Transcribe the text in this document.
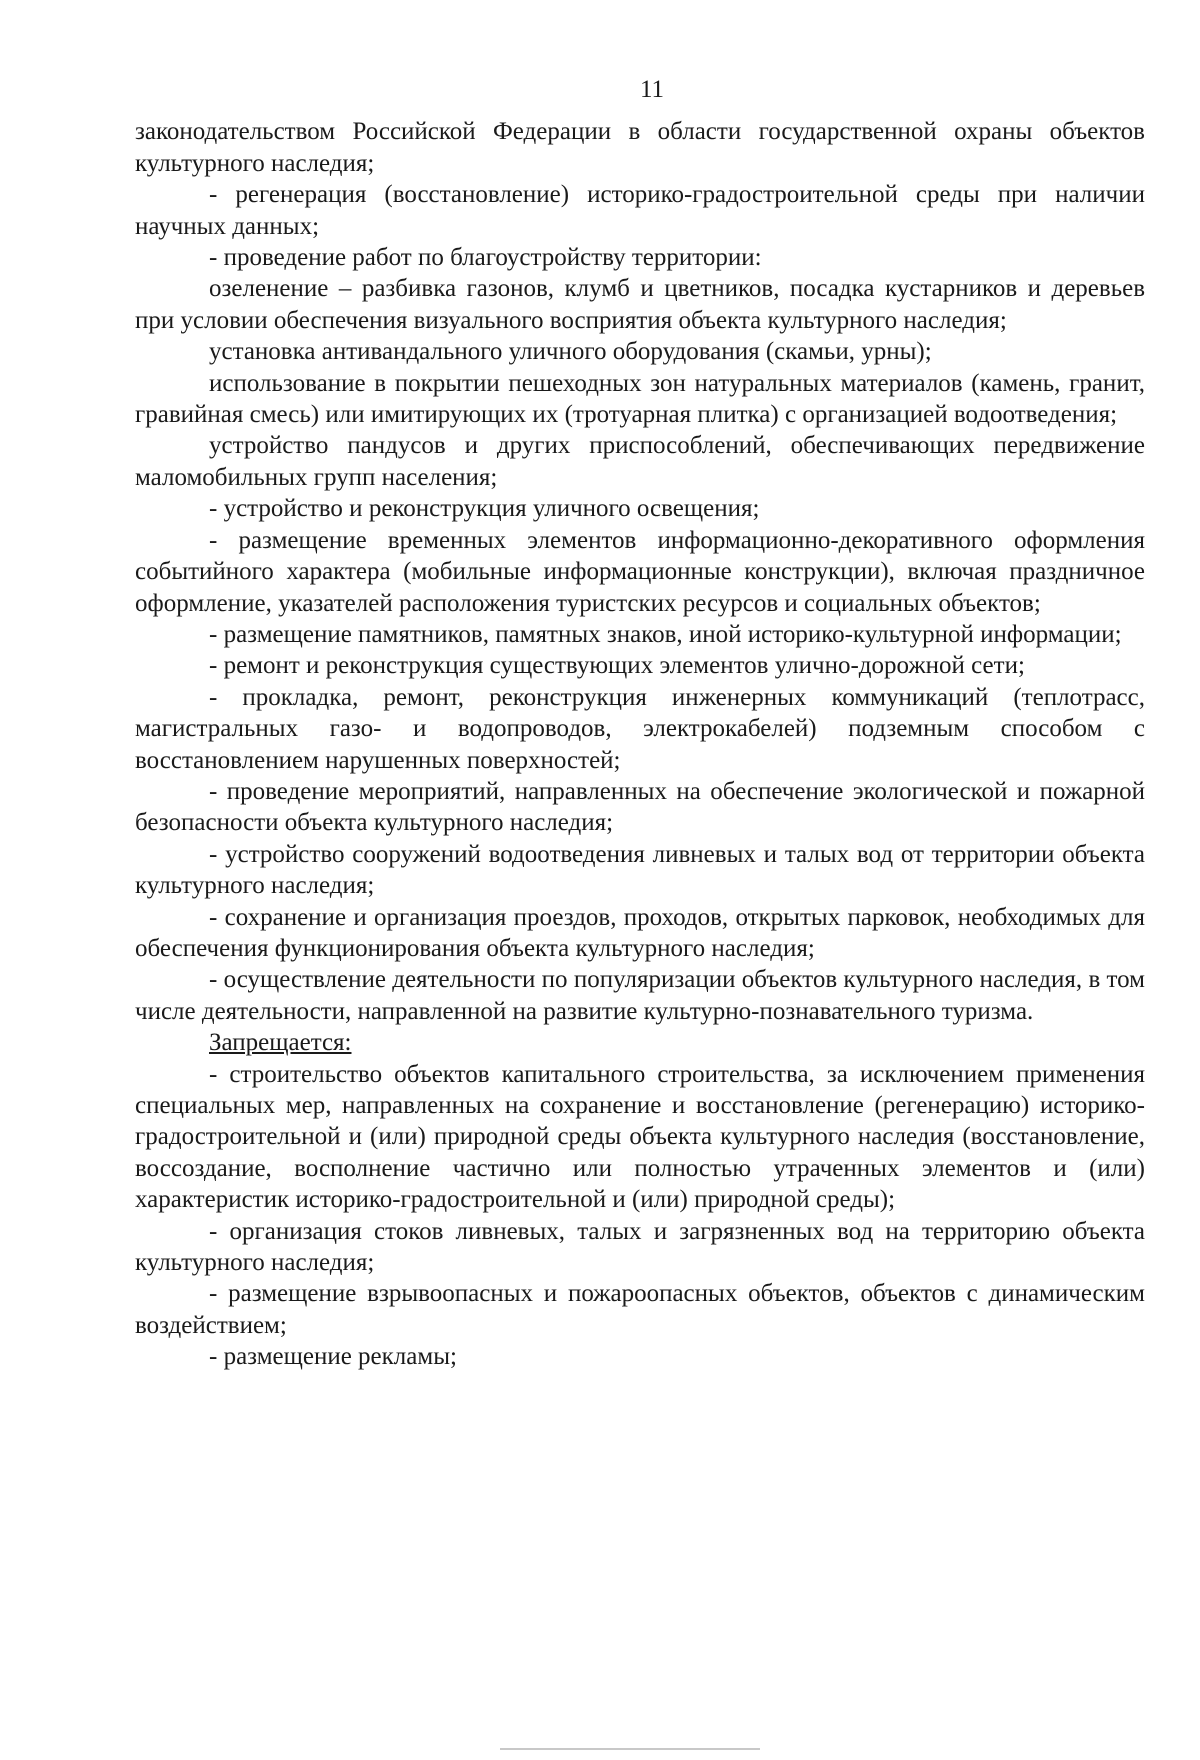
11

законодательством Российской Федерации в области государственной охраны объектов культурного наследия;

- регенерация (восстановление) историко-градостроительной среды при наличии научных данных;

- проведение работ по благоустройству территории:

озеленение – разбивка газонов, клумб и цветников, посадка кустарников и деревьев при условии обеспечения визуального восприятия объекта культурного наследия;

установка антивандального уличного оборудования (скамьи, урны);

использование в покрытии пешеходных зон натуральных материалов (камень, гранит, гравийная смесь) или имитирующих их (тротуарная плитка) с организацией водоотведения;

устройство пандусов и других приспособлений, обеспечивающих передвижение маломобильных групп населения;

- устройство и реконструкция уличного освещения;

- размещение временных элементов информационно-декоративного оформления событийного характера (мобильные информационные конструкции), включая праздничное оформление, указателей расположения туристских ресурсов и социальных объектов;

- размещение памятников, памятных знаков, иной историко-культурной информации;

- ремонт и реконструкция существующих элементов улично-дорожной сети;

- прокладка, ремонт, реконструкция инженерных коммуникаций (теплотрасс, магистральных газо- и водопроводов, электрокабелей) подземным способом с восстановлением нарушенных поверхностей;

- проведение мероприятий, направленных на обеспечение экологической и пожарной безопасности объекта культурного наследия;

- устройство сооружений водоотведения ливневых и талых вод от территории объекта культурного наследия;

- сохранение и организация проездов, проходов, открытых парковок, необходимых для обеспечения функционирования объекта культурного наследия;

- осуществление деятельности по популяризации объектов культурного наследия, в том числе деятельности, направленной на развитие культурно-познавательного туризма.

Запрещается:

- строительство объектов капитального строительства, за исключением применения специальных мер, направленных на сохранение и восстановление (регенерацию) историко-градостроительной и (или) природной среды объекта культурного наследия (восстановление, воссоздание, восполнение частично или полностью утраченных элементов и (или) характеристик историко-градостроительной и (или) природной среды);

- организация стоков ливневых, талых и загрязненных вод на территорию объекта культурного наследия;

- размещение взрывоопасных и пожароопасных объектов, объектов с динамическим воздействием;

- размещение рекламы;
